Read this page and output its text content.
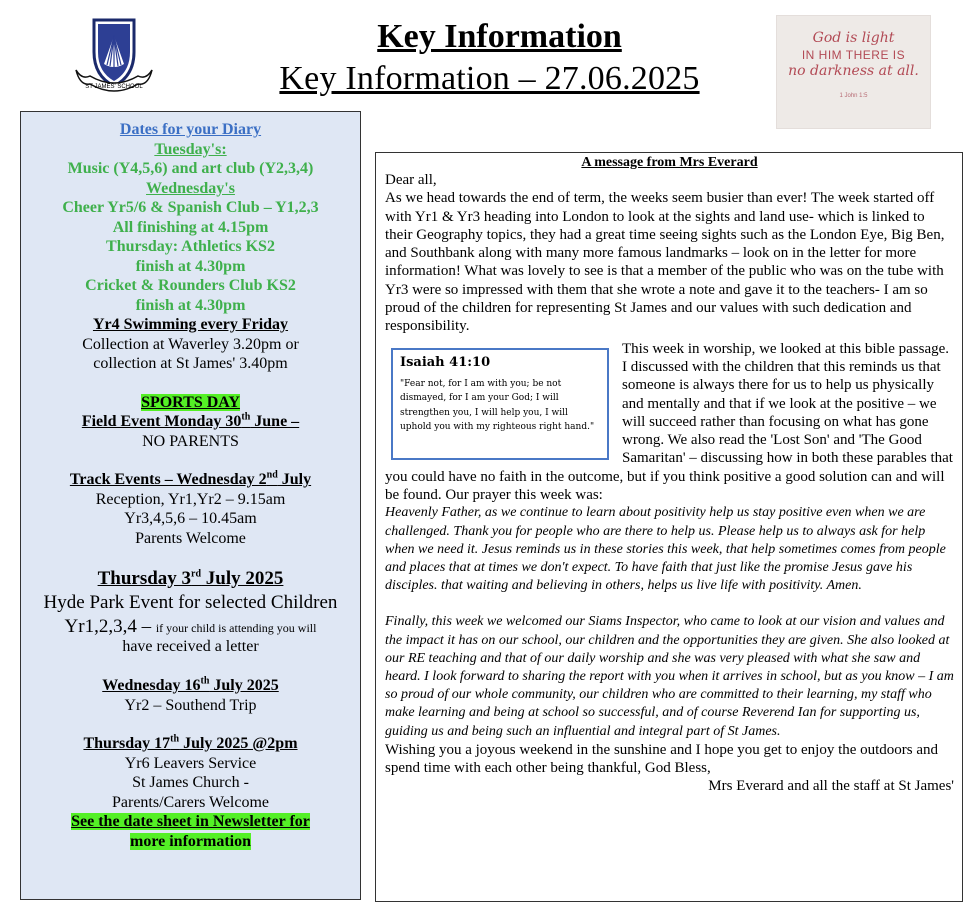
ST JAMES' SCHOOL
Key Information
Key Information – 27.06.2025
God is light
IN HIM THERE IS
no darkness at all.
1 John 1:5
Dates for your Diary
Tuesday's:
Music (Y4,5,6) and art club (Y2,3,4)
Wednesday's
Cheer Yr5/6 & Spanish Club – Y1,2,3
All finishing at 4.15pm
Thursday: Athletics KS2
finish at 4.30pm
Cricket & Rounders Club KS2
finish at 4.30pm
Yr4 Swimming every Friday
Collection at Waverley 3.20pm or
collection at St James' 3.40pm
SPORTS DAY
Field Event Monday 30th June –
NO PARENTS
Track Events – Wednesday 2nd July
Reception, Yr1,Yr2 – 9.15am
Yr3,4,5,6 – 10.45am
Parents Welcome
Thursday 3rd July 2025
Hyde Park Event for selected Children
Yr1,2,3,4 – if your child is attending you will
have received a letter
Wednesday 16th July 2025
Yr2 – Southend Trip
Thursday 17th July 2025 @2pm
Yr6 Leavers Service
St James Church -
Parents/Carers Welcome
See the date sheet in Newsletter for
more information

A message from Mrs Everard

Dear all,

As we head towards the end of term, the weeks seem busier than ever! The week started off with Yr1 & Yr3 heading into London to look at the sights and land use- which is linked to their Geography topics, they had a great time seeing sights such as the London Eye, Big Ben, and Southbank along with many more famous landmarks – look on in the letter for more information! What was lovely to see is that a member of the public who was on the tube with Yr3 were so impressed with them that she wrote a note and gave it to the teachers- I am so proud of the children for representing St James and our values with such dedication and responsibility.

Isaiah 41:10

"Fear not, for I am with you; be not dismayed, for I am your God; I will strengthen you, I will help you, I will uphold you with my righteous right hand."

This week in worship, we looked at this bible passage. I discussed with the children that this reminds us that someone is always there for us to help us physically and mentally and that if we look at the positive – we will succeed rather than focusing on what has gone wrong. We also read the 'Lost Son' and 'The Good Samaritan' – discussing how in both these parables that you could have no faith in the outcome, but if you think positive a good solution can and will be found. Our prayer this week was:

Heavenly Father, as we continue to learn about positivity help us stay positive even when we are challenged. Thank you for people who are there to help us. Please help us to always ask for help when we need it. Jesus reminds us in these stories this week, that help sometimes comes from people and places that at times we don't expect. To have faith that just like the promise Jesus gave his disciples. that waiting and believing in others, helps us live life with positivity. Amen.

Finally, this week we welcomed our Siams Inspector, who came to look at our vision and values and the impact it has on our school, our children and the opportunities they are given. She also looked at our RE teaching and that of our daily worship and she was very pleased with what she saw and heard. I look forward to sharing the report with you when it arrives in school, but as you know – I am so proud of our whole community, our children who are committed to their learning, my staff who make learning and being at school so successful, and of course Reverend Ian for supporting us, guiding us and being such an influential and integral part of St James.

Wishing you a joyous weekend in the sunshine and I hope you get to enjoy the outdoors and spend time with each other being thankful, God Bless,

Mrs Everard and all the staff at St James'
